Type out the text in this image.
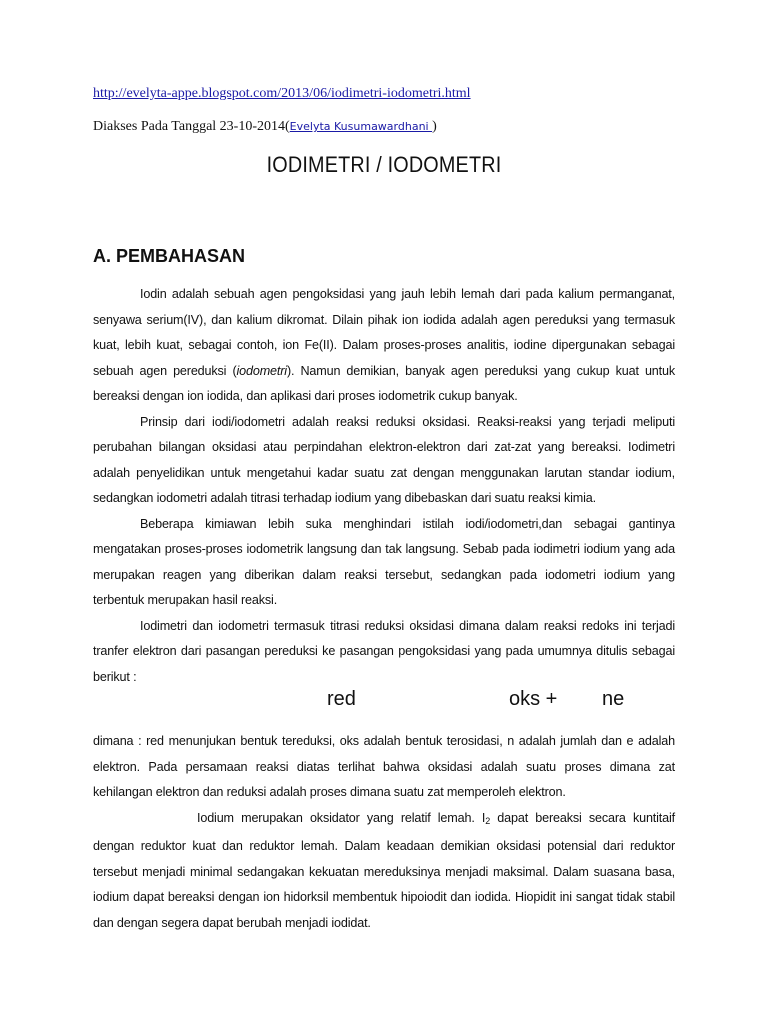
http://evelyta-appe.blogspot.com/2013/06/iodimetri-iodometri.html
Diakses Pada Tanggal 23-10-2014(Evelyta Kusumawardhani )
IODIMETRI / IODOMETRI
A. PEMBAHASAN

Iodin adalah sebuah agen pengoksidasi yang jauh lebih lemah dari pada kalium permanganat, senyawa serium(IV), dan kalium dikromat. Dilain pihak ion iodida adalah agen pereduksi yang termasuk kuat, lebih kuat, sebagai contoh, ion Fe(II). Dalam proses-proses analitis, iodine dipergunakan sebagai sebuah agen pereduksi (iodometri). Namun demikian, banyak agen pereduksi yang cukup kuat untuk bereaksi dengan ion iodida, dan aplikasi dari proses iodometrik cukup banyak.

Prinsip dari iodi/iodometri adalah reaksi reduksi oksidasi. Reaksi-reaksi yang terjadi meliputi perubahan bilangan oksidasi atau perpindahan elektron-elektron dari zat-zat yang bereaksi. Iodimetri adalah penyelidikan untuk mengetahui kadar suatu zat dengan menggunakan larutan standar iodium, sedangkan iodometri adalah titrasi terhadap iodium yang dibebaskan dari suatu reaksi kimia.

Beberapa kimiawan lebih suka menghindari istilah iodi/iodometri,dan sebagai gantinya mengatakan proses-proses iodometrik langsung dan tak langsung. Sebab pada iodimetri iodium yang ada merupakan reagen yang diberikan dalam reaksi tersebut, sedangkan pada iodometri iodium yang terbentuk merupakan hasil reaksi.

Iodimetri dan iodometri termasuk titrasi reduksi oksidasi dimana dalam reaksi redoks ini terjadi tranfer elektron dari pasangan pereduksi ke pasangan pengoksidasi yang pada umumnya ditulis sebagai berikut :

red	oks + ne

dimana : red menunjukan bentuk tereduksi, oks adalah bentuk terosidasi, n adalah jumlah dan e adalah elektron. Pada persamaan reaksi diatas terlihat bahwa oksidasi adalah suatu proses dimana zat kehilangan elektron dan reduksi adalah proses dimana suatu zat memperoleh elektron.

Iodium merupakan oksidator yang relatif lemah. $I_2$ dapat bereaksi secara kuntitaif dengan reduktor kuat dan reduktor lemah. Dalam keadaan demikian oksidasi potensial dari reduktor tersebut menjadi minimal sedangakan kekuatan mereduksinya menjadi maksimal. Dalam suasana basa, iodium dapat bereaksi dengan ion hidorksil membentuk hipoiodit dan iodida. Hiopidit ini sangat tidak stabil dan dengan segera dapat berubah menjadi iodidat.
